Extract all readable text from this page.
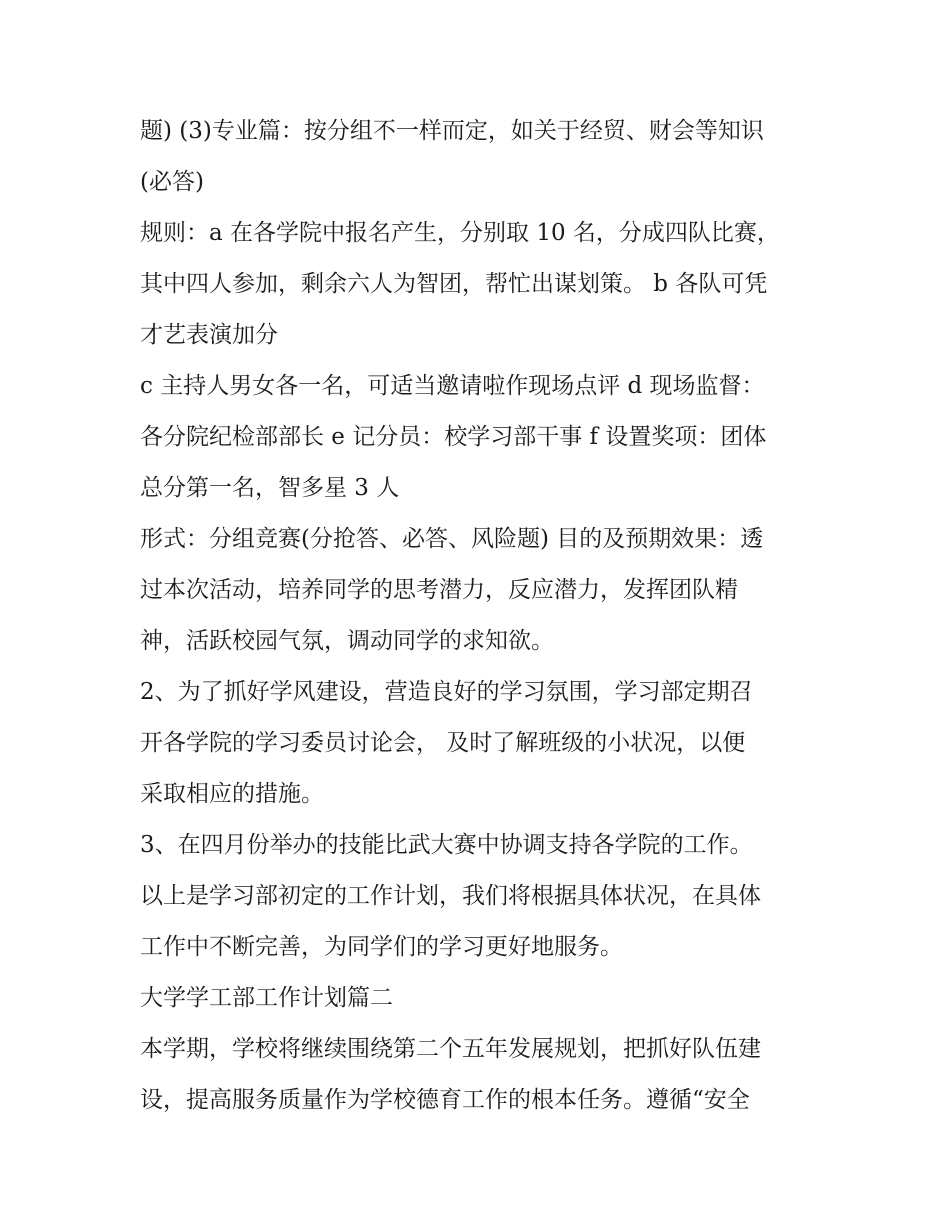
题) (3)专业篇：按分组不一样而定，如关于经贸、财会等知识
(必答)
规则：a 在各学院中报名产生，分别取 10 名，分成四队比赛，
其中四人参加，剩余六人为智团，帮忙出谋划策。 b 各队可凭
才艺表演加分
c 主持人男女各一名，可适当邀请啦作现场点评 d 现场监督：
各分院纪检部部长 e 记分员：校学习部干事 f 设置奖项：团体
总分第一名，智多星 3 人
形式：分组竞赛(分抢答、必答、风险题) 目的及预期效果：透
过本次活动，培养同学的思考潜力，反应潜力，发挥团队精
神，活跃校园气氛，调动同学的求知欲。
2、为了抓好学风建设，营造良好的学习氛围，学习部定期召
开各学院的学习委员讨论会， 及时了解班级的小状况，以便
采取相应的措施。
3、在四月份举办的技能比武大赛中协调支持各学院的工作。
以上是学习部初定的工作计划，我们将根据具体状况，在具体
工作中不断完善，为同学们的学习更好地服务。
大学学工部工作计划篇二
本学期，学校将继续围绕第二个五年发展规划，把抓好队伍建
设，提高服务质量作为学校德育工作的根本任务。遵循“安全
